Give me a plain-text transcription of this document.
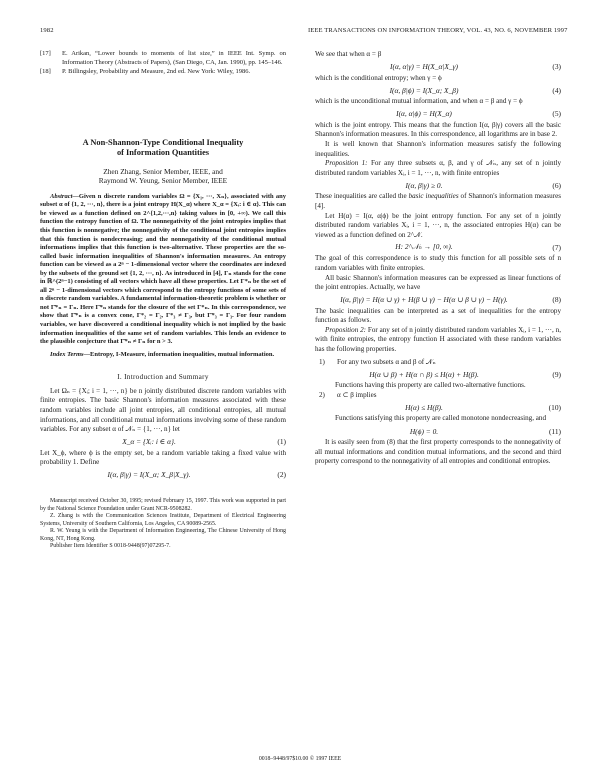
1982	IEEE TRANSACTIONS ON INFORMATION THEORY, VOL. 43, NO. 6, NOVEMBER 1997
[17]	E. Arikan, “Lower bounds to moments of list size,” in IEEE Int. Symp. on Information Theory (Abstracts of Papers), (San Diego, CA, Jan. 1990), pp. 145–146.
[18]	P. Billingsley, Probability and Measure, 2nd ed. New York: Wiley, 1986.
A Non-Shannon-Type Conditional Inequality
of Information Quantities
Zhen Zhang, Senior Member, IEEE, and
Raymond W. Yeung, Senior Member, IEEE
Abstract—Given n discrete random variables Ω = {X₁, ···, Xₙ}, associated with any subset α of {1, 2, ···, n}, there is a joint entropy H(X_α) where X_α = {Xᵢ: i ∈ α}. This can be viewed as a function defined on 2^{1,2,···,n} taking values in [0, +∞). We call this function the entropy function of Ω. The nonnegativity of the joint entropies implies that this function is nonnegative; the nonnegativity of the conditional joint entropies implies that this function is nondecreasing; and the nonnegativity of the conditional mutual informations implies that this function is two-alternative. These properties are the so-called basic information inequalities of Shannon's information measures. An entropy function can be viewed as a 2ⁿ − 1-dimensional vector where the coordinates are indexed by the subsets of the ground set {1, 2, ···, n}. As introduced in [4], Γₙ stands for the cone in ℝ^(2ⁿ−1) consisting of all vectors which have all these properties. Let Γ*ₙ be the set of all 2ⁿ − 1-dimensional vectors which correspond to the entropy functions of some sets of n discrete random variables. A fundamental information-theoretic problem is whether or not Γ̄*ₙ = Γₙ. Here Γ̄*ₙ stands for the closure of the set Γ*ₙ. In this correspondence, we show that Γ̄*ₙ is a convex cone, Γ*₂ = Γ₂, Γ*₃ ≠ Γ₃, but Γ̄*₃ = Γ₃. For four random variables, we have discovered a conditional inequality which is not implied by the basic information inequalities of the same set of random variables. This lends an evidence to the plausible conjecture that Γ̄*ₙ ≠ Γₙ for n > 3.
Index Terms—Entropy, I-Measure, information inequalities, mutual information.
I. Introduction and Summary

Let Ωₙ = {Xᵢ; i = 1, ···, n} be n jointly distributed discrete random variables with finite entropies. The basic Shannon's information measures associated with these random variables include all joint entropies, all conditional entropies, all mutual informations, and all conditional mutual informations involving some of these random variables. For any subset α of 𝒩ₙ = {1, ···, n} let

X_α = {Xᵢ: i ∈ α}.	(1)

Let X_ϕ, where ϕ is the empty set, be a random variable taking a fixed value with probability 1. Define

I(α, β|γ) = I(X_α; X_β|X_γ).	(2)
Manuscript received October 30, 1995; revised February 15, 1997. This work was supported in part by the National Science Foundation under Grant NCR-9508282.
Z. Zhang is with the Communication Sciences Institute, Department of Electrical Engineering Systems, University of Southern California, Los Angeles, CA 90089-2565.
R. W. Yeung is with the Department of Information Engineering, The Chinese University of Hong Kong, NT, Hong Kong.
Publisher Item Identifier S 0018-9448(97)07295-7.

We see that when α = β

I(α, α|γ) = H(X_α|X_γ)	(3)

which is the conditional entropy; when γ = ϕ

I(α, β|ϕ) = I(X_α; X_β)	(4)

which is the unconditional mutual information, and when α = β and γ = ϕ

I(α, α|ϕ) = H(X_α)	(5)

which is the joint entropy. This means that the function I(α, β|γ) covers all the basic Shannon's information measures. In this correspondence, all logarithms are in base 2.

It is well known that Shannon's information measures satisfy the following inequalities.

Proposition 1: For any three subsets α, β, and γ of 𝒩ₙ, any set of n jointly distributed random variables Xᵢ, i = 1, ···, n, with finite entropies

I(α, β|γ) ≥ 0.	(6)

These inequalities are called the basic inequalities of Shannon's information measures [4].

Let H(α) = I(α, α|ϕ) be the joint entropy function. For any set of n jointly distributed random variables Xᵢ, i = 1, ···, n, the associated entropies H(α) can be viewed as a function defined on 2^𝒩.

H: 2^𝒩ₙ → [0, ∞).	(7)

The goal of this correspondence is to study this function for all possible sets of n random variables with finite entropies.

All basic Shannon's information measures can be expressed as linear functions of the joint entropies. Actually, we have

I(α, β|γ) = H(α ∪ γ) + H(β ∪ γ) − H(α ∪ β ∪ γ) − H(γ).	(8)

The basic inequalities can be interpreted as a set of inequalities for the entropy function as follows.

Proposition 2: For any set of n jointly distributed random variables Xᵢ, i = 1, ···, n, with finite entropies, the entropy function H associated with these random variables has the following properties.

1)	For any two subsets α and β of 𝒩ₙ
H(α ∪ β) + H(α ∩ β) ≤ H(α) + H(β).	(9)

Functions having this property are called two-alternative functions.

2)	α ⊂ β implies
H(α) ≤ H(β).	(10)

Functions satisfying this property are called monotone nondecreasing, and

H(ϕ) = 0.	(11)

It is easily seen from (8) that the first property corresponds to the nonnegativity of all mutual informations and condition mutual informations, and the second and third property correspond to the nonnegativity of all entropies and conditional entropies.

0018–9448/97$10.00 © 1997 IEEE
